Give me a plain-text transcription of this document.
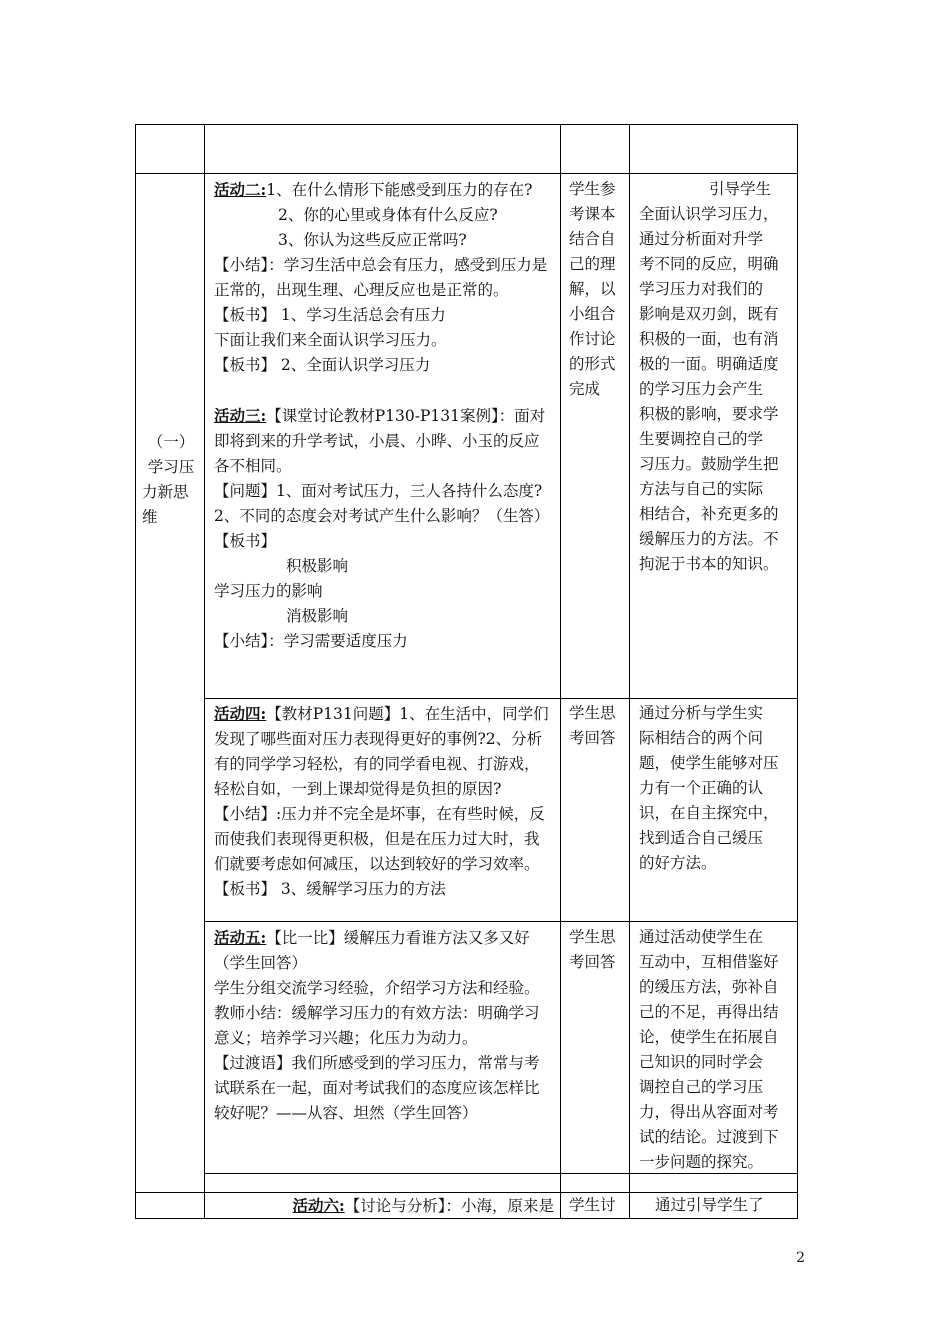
（一）

学习压

力新思

维

活动二:1、在什么情形下能感受到压力的存在?

2、你的心里或身体有什么反应?

3、你认为这些反应正常吗?

【小结】：学习生活中总会有压力，感受到压力是正常的，出现生理、心理反应也是正常的。

【板书】 1、学习生活总会有压力

下面让我们来全面认识学习压力。

【板书】 2、全面认识学习压力

活动三:【课堂讨论教材P130-P131案例】：面对即将到来的升学考试，小晨、小晔、小玉的反应各不相同。

【问题】1、面对考试压力，三人各持什么态度?2、不同的态度会对考试产生什么影响？（生答）

【板书】

积极影响

学习压力的影响

消极影响

【小结】：学习需要适度压力

学生参

考课本

结合自

己的理

解，以

小组合

作讨论

的形式

完成

引导学生

全面认识学习压力，

通过分析面对升学

考不同的反应，明确

学习压力对我们的

影响是双刃剑，既有

积极的一面，也有消

极的一面。明确适度

的学习压力会产生

积极的影响，要求学

生要调控自己的学

习压力。鼓励学生把

方法与自己的实际

相结合，补充更多的

缓解压力的方法。不

拘泥于书本的知识。

活动四:【教材P131问题】1、在生活中，同学们发现了哪些面对压力表现得更好的事例?2、分析有的同学学习轻松，有的同学看电视、打游戏，轻松自如，一到上课却觉得是负担的原因?

【小结】:压力并不完全是坏事，在有些时候，反而使我们表现得更积极，但是在压力过大时，我们就要考虑如何减压，以达到较好的学习效率。

【板书】 3、缓解学习压力的方法

学生思

考回答

通过分析与学生实

际相结合的两个问

题，使学生能够对压

力有一个正确的认

识，在自主探究中，

找到适合自己缓压

的好方法。

活动五:【比一比】缓解压力看谁方法又多又好（学生回答）

学生分组交流学习经验，介绍学习方法和经验。

教师小结：缓解学习压力的有效方法：明确学习意义；培养学习兴趣；化压力为动力。

【过渡语】我们所感受到的学习压力，常常与考试联系在一起，面对考试我们的态度应该怎样比较好呢？——从容、坦然（学生回答）

学生思

考回答

通过活动使学生在

互动中，互相借鉴好

的缓压方法，弥补自

己的不足，再得出结

论，使学生在拓展自

己知识的同时学会

调控自己的学习压

力，得出从容面对考

试的结论。过渡到下

一步问题的探究。

活动六:【讨论与分析】：小海，原来是 学生讨	通过引导学生了

2
